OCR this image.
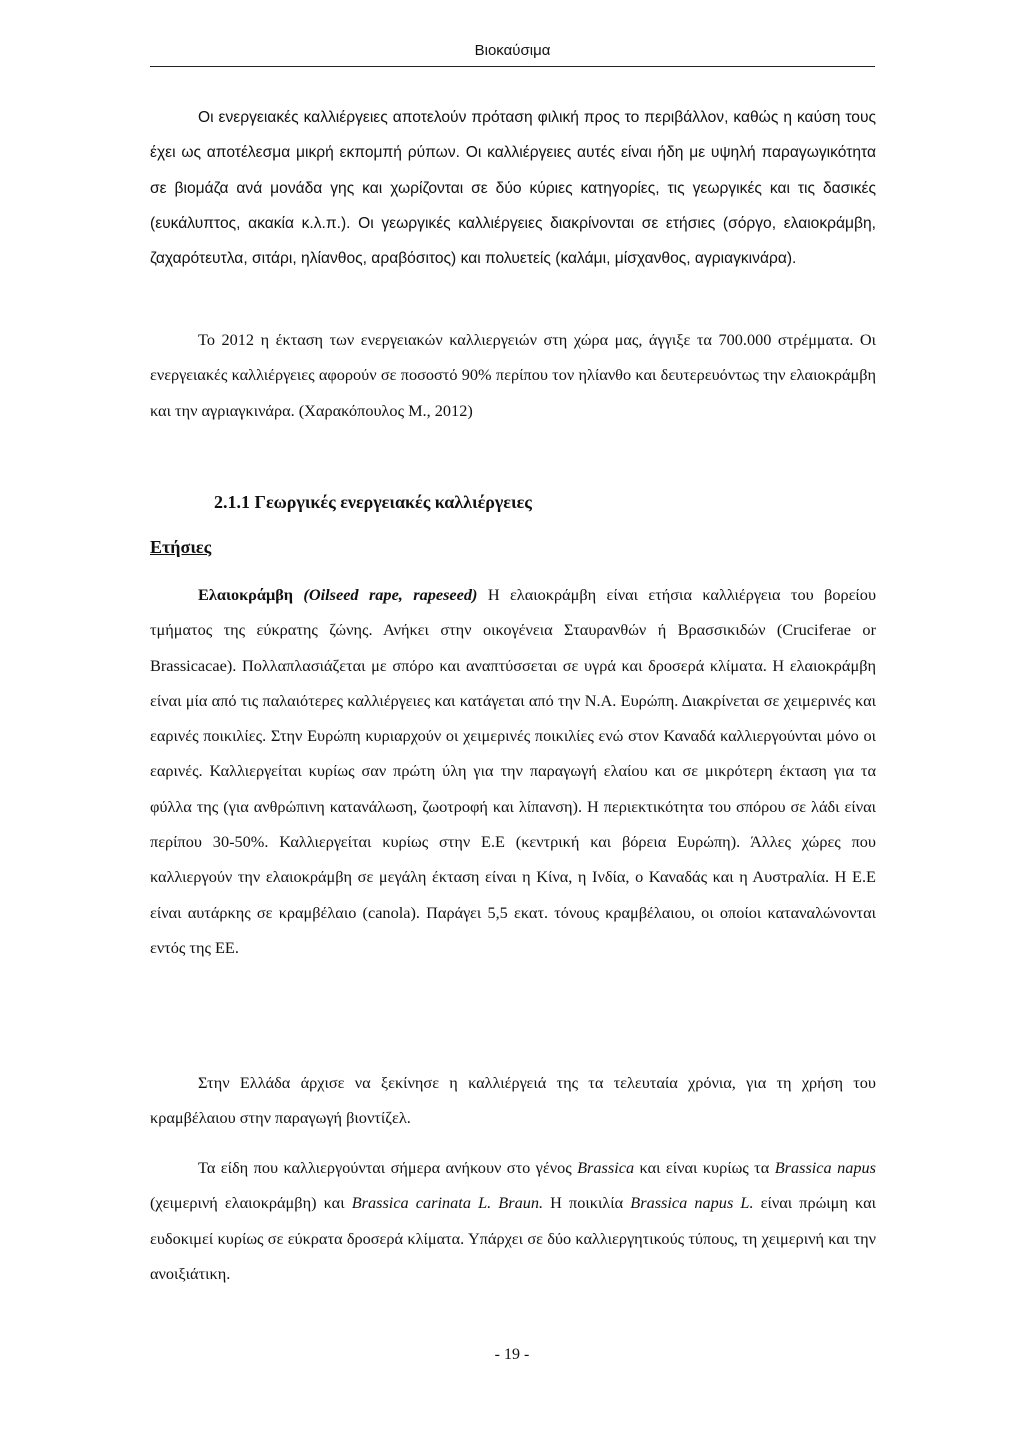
Βιοκαύσιμα

Οι ενεργειακές καλλιέργειες αποτελούν πρόταση φιλική προς το περιβάλλον, καθώς η καύση τους έχει ως αποτέλεσμα μικρή εκπομπή ρύπων. Οι καλλιέργειες αυτές είναι ήδη με υψηλή παραγωγικότητα σε βιομάζα ανά μονάδα γης και χωρίζονται σε δύο κύριες κατηγορίες, τις γεωργικές και τις δασικές (ευκάλυπτος, ακακία κ.λ.π.). Οι γεωργικές καλλιέργειες διακρίνονται σε ετήσιες (σόργο, ελαιοκράμβη, ζαχαρότευτλα, σιτάρι, ηλίανθος, αραβόσιτος) και πολυετείς (καλάμι, μίσχανθος, αγριαγκινάρα).

Το 2012 η έκταση των ενεργειακών καλλιεργειών στη χώρα μας, άγγιξε τα 700.000 στρέμματα. Οι ενεργειακές καλλιέργειες αφορούν σε ποσοστό 90% περίπου τον ηλίανθο και δευτερευόντως την ελαιοκράμβη και την αγριαγκινάρα. (Χαρακόπουλος Μ., 2012)

2.1.1 Γεωργικές ενεργειακές καλλιέργειες
Ετήσιες

Ελαιοκράμβη (Oilseed rape, rapeseed) Η ελαιοκράμβη είναι ετήσια καλλιέργεια του βορείου τμήματος της εύκρατης ζώνης. Ανήκει στην οικογένεια Σταυρανθών ή Βρασσικιδών (Cruciferae or Brassicacae). Πολλαπλασιάζεται με σπόρο και αναπτύσσεται σε υγρά και δροσερά κλίματα. Η ελαιοκράμβη είναι μία από τις παλαιότερες καλλιέργειες και κατάγεται από την Ν.Α. Ευρώπη. Διακρίνεται σε χειμερινές και εαρινές ποικιλίες. Στην Ευρώπη κυριαρχούν οι χειμερινές ποικιλίες ενώ στον Καναδά καλλιεργούνται μόνο οι εαρινές. Καλλιεργείται κυρίως σαν πρώτη ύλη για την παραγωγή ελαίου και σε μικρότερη έκταση για τα φύλλα της (για ανθρώπινη κατανάλωση, ζωοτροφή και λίπανση). Η περιεκτικότητα του σπόρου σε λάδι είναι περίπου 30-50%. Καλλιεργείται κυρίως στην Ε.Ε (κεντρική και βόρεια Ευρώπη). Άλλες χώρες που καλλιεργούν την ελαιοκράμβη σε μεγάλη έκταση είναι η Κίνα, η Ινδία, ο Καναδάς και η Αυστραλία. Η Ε.Ε είναι αυτάρκης σε κραμβέλαιο (canola). Παράγει 5,5 εκατ. τόνους κραμβέλαιου, οι οποίοι καταναλώνονται εντός της ΕΕ.

Στην Ελλάδα άρχισε να ξεκίνησε η καλλιέργειά της τα τελευταία χρόνια, για τη χρήση του κραμβέλαιου στην παραγωγή βιοντίζελ.

Τα είδη που καλλιεργούνται σήμερα ανήκουν στο γένος Brassica και είναι κυρίως τα Brassica napus (χειμερινή ελαιοκράμβη) και Brassica carinata L. Braun. Η ποικιλία Brassica napus L. είναι πρώιμη και ευδοκιμεί κυρίως σε εύκρατα δροσερά κλίματα. Υπάρχει σε δύο καλλιεργητικούς τύπους, τη χειμερινή και την ανοιξιάτικη.

- 19 -
